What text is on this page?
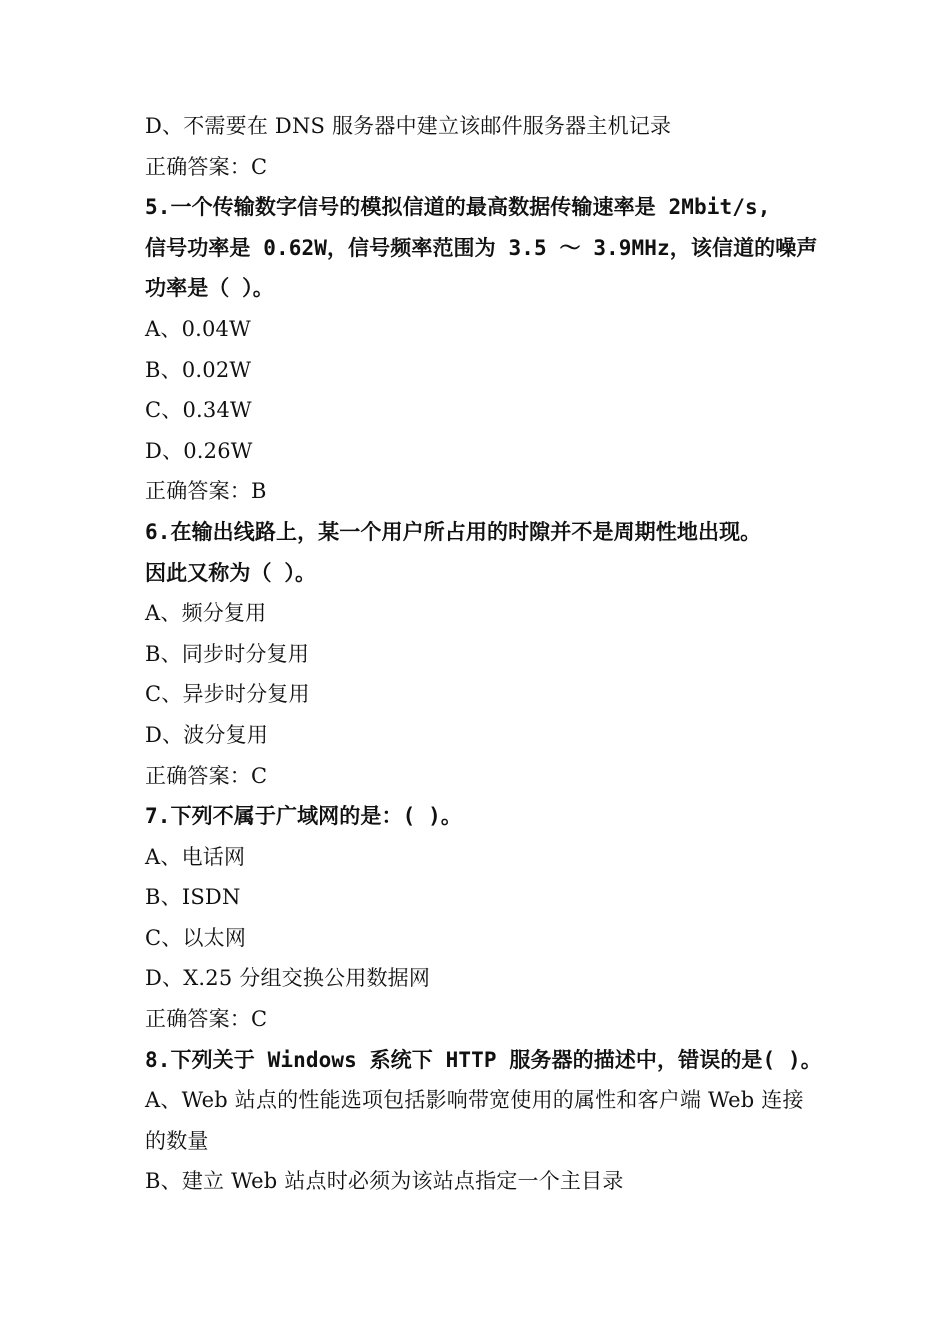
D、不需要在 DNS 服务器中建立该邮件服务器主机记录
正确答案：C
5.一个传输数字信号的模拟信道的最高数据传输速率是 2Mbit/s,
信号功率是 0.62W，信号频率范围为 3.5 ～ 3.9MHz，该信道的噪声
功率是（ ）。
A、0.04W
B、0.02W
C、0.34W
D、0.26W
正确答案：B
6.在输出线路上，某一个用户所占用的时隙并不是周期性地出现。
因此又称为（ ）。
A、频分复用
B、同步时分复用
C、异步时分复用
D、波分复用
正确答案：C
7.下列不属于广域网的是：( )。
A、电话网
B、ISDN
C、以太网
D、X.25 分组交换公用数据网
正确答案：C
8.下列关于 Windows 系统下 HTTP 服务器的描述中，错误的是( )。
A、Web 站点的性能选项包括影响带宽使用的属性和客户端 Web 连接
的数量
B、建立 Web 站点时必须为该站点指定一个主目录
